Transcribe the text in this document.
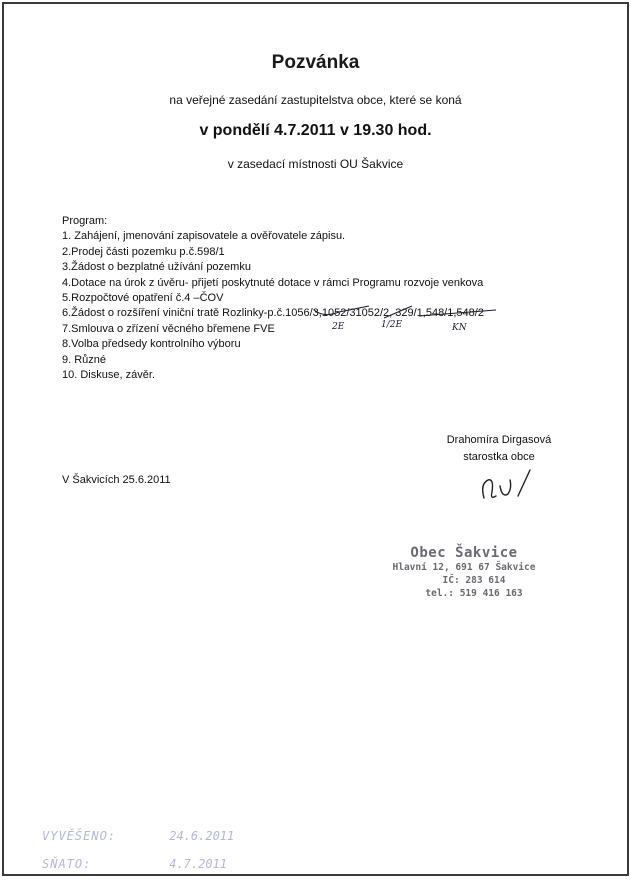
Pozvánka
na veřejné zasedání zastupitelstva obce, které se koná
v pondělí 4.7.2011 v 19.30 hod.
v zasedací místnosti OU Šakvice

Program:

1. Zahájení, jmenování zapisovatele a ověřovatele zápisu.
2.Prodej části pozemku p.č.598/1
3.Žádost o bezplatné užívání pozemku
4.Dotace na úrok z úvěru- přijetí poskytnuté dotace v rámci Programu rozvoje venkova
5.Rozpočtové opatření č.4 –ČOV
6.Žádost o rozšíření viniční tratě Rozlinky-p.č.1056/3,1052/31052/2, 329/1,548/1,548/2
7.Smlouva o zřízení věcného břemene FVE
8.Volba předsedy kontrolního výboru
9. Různé
10. Diskuse, závěr.
2E	1/2E	KN
Drahomíra Dirgasová
starostka obce
V Šakvicích 25.6.2011
Obec Šakvice
Hlavní 12, 691 67 Šakvice
IČ: 283 614
tel.: 519 416 163
VYVĚŠENO:	24.6.2011
SŇATO:	4.7.2011
